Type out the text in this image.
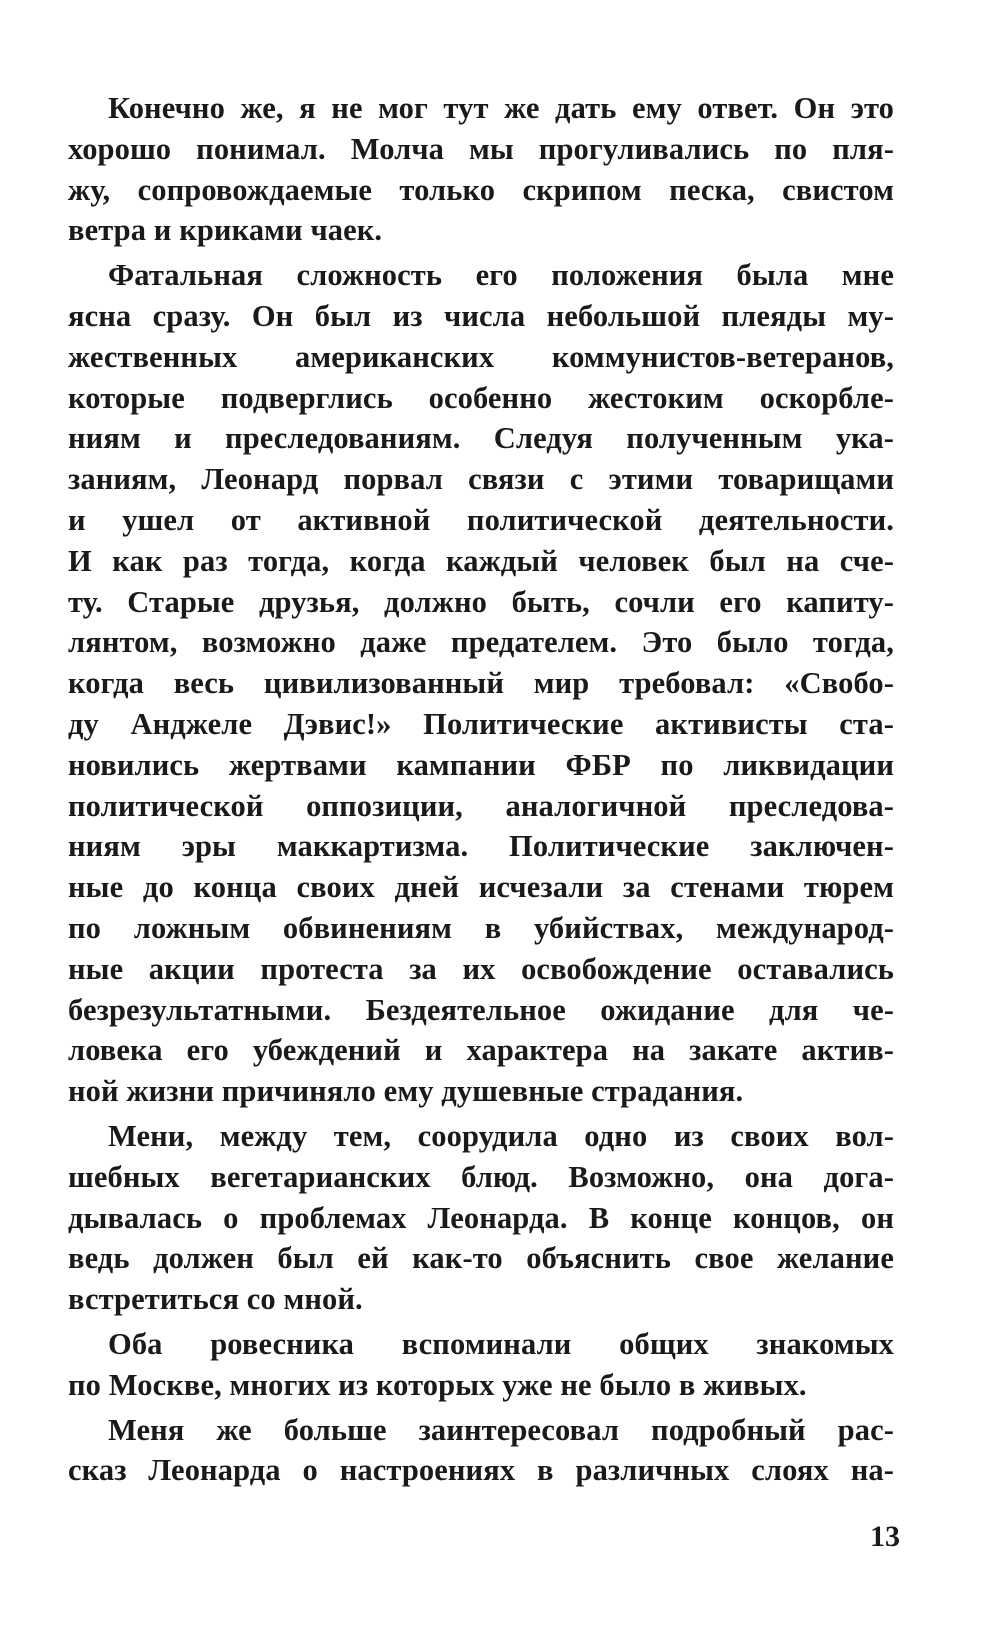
Конечно же, я не мог тут же дать ему ответ. Он это
хорошо понимал. Молча мы прогуливались по пля-
жу, сопровождаемые только скрипом песка, свистом
ветра и криками чаек.
Фатальная сложность его положения была мне
ясна сразу. Он был из числа небольшой плеяды му-
жественных американских коммунистов-ветеранов,
которые подверглись особенно жестоким оскорбле-
ниям и преследованиям. Следуя полученным ука-
заниям, Леонард порвал связи с этими товарищами
и ушел от активной политической деятельности.
И как раз тогда, когда каждый человек был на сче-
ту. Старые друзья, должно быть, сочли его капиту-
лянтом, возможно даже предателем. Это было тогда,
когда весь цивилизованный мир требовал: «Свобо-
ду Анджеле Дэвис!» Политические активисты ста-
новились жертвами кампании ФБР по ликвидации
политической оппозиции, аналогичной преследова-
ниям эры маккартизма. Политические заключен-
ные до конца своих дней исчезали за стенами тюрем
по ложным обвинениям в убийствах, международ-
ные акции протеста за их освобождение оставались
безрезультатными. Бездеятельное ожидание для че-
ловека его убеждений и характера на закате актив-
ной жизни причиняло ему душевные страдания.
Мени, между тем, соорудила одно из своих вол-
шебных вегетарианских блюд. Возможно, она дога-
дывалась о проблемах Леонарда. В конце концов, он
ведь должен был ей как-то объяснить свое желание
встретиться со мной.
Оба ровесника вспоминали общих знакомых
по Москве, многих из которых уже не было в живых.
Меня же больше заинтересовал подробный рас-
сказ Леонарда о настроениях в различных слоях на-
13
